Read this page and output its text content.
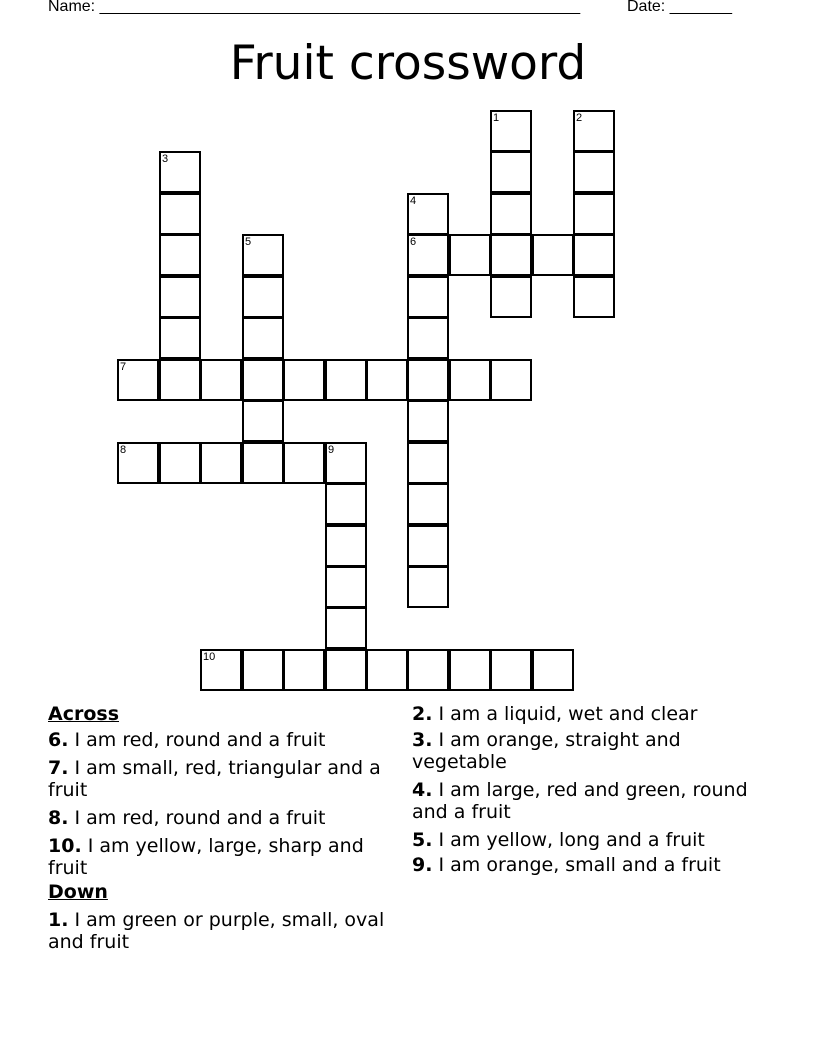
Name: ______________________________________________________	Date: _______
Fruit crossword
1	2
3
4
6
5
7
8	9
10

Across

6. I am red, round and a fruit

7. I am small, red, triangular and a fruit

8. I am red, round and a fruit

10. I am yellow, large, sharp and fruit

Down

1. I am green or purple, small, oval and fruit

2. I am a liquid, wet and clear

3. I am orange, straight and vegetable

4. I am large, red and green, round and a fruit

5. I am yellow, long and a fruit

9. I am orange, small and a fruit
